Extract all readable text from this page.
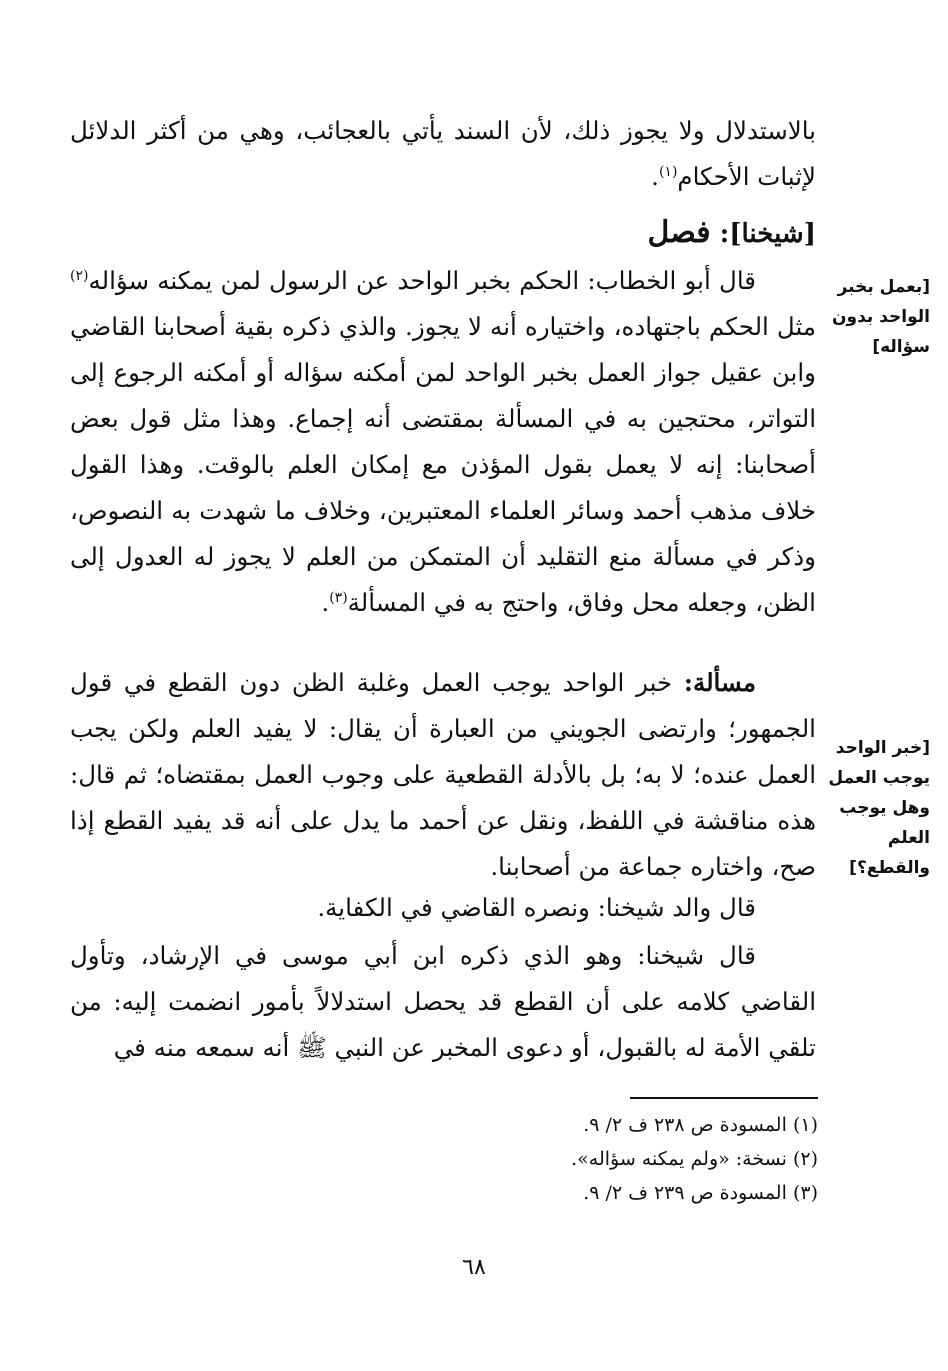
بالاستدلال ولا يجوز ذلك، لأن السند يأتي بالعجائب، وهي من أكثر الدلائل لإثبات الأحكام$^{(١)}$.

[شيخنا]: فصل
[بعمل بخبر الواحد بدون سؤاله]

قال أبو الخطاب: الحكم بخبر الواحد عن الرسول لمن يمكنه سؤاله$^{(٢)}$ مثل الحكم باجتهاده، واختياره أنه لا يجوز. والذي ذكره بقية أصحابنا القاضي وابن عقيل جواز العمل بخبر الواحد لمن أمكنه سؤاله أو أمكنه الرجوع إلى التواتر، محتجين به في المسألة بمقتضى أنه إجماع. وهذا مثل قول بعض أصحابنا: إنه لا يعمل بقول المؤذن مع إمكان العلم بالوقت. وهذا القول خلاف مذهب أحمد وسائر العلماء المعتبرين، وخلاف ما شهدت به النصوص، وذكر في مسألة منع التقليد أن المتمكن من العلم لا يجوز له العدول إلى الظن، وجعله محل وفاق، واحتج به في المسألة$^{(٣)}$.

[خبر الواحد يوجب العمل وهل يوجب العلم والقطع؟]

مسألة: خبر الواحد يوجب العمل وغلبة الظن دون القطع في قول الجمهور؛ وارتضى الجويني من العبارة أن يقال: لا يفيد العلم ولكن يجب العمل عنده؛ لا به؛ بل بالأدلة القطعية على وجوب العمل بمقتضاه؛ ثم قال: هذه مناقشة في اللفظ، ونقل عن أحمد ما يدل على أنه قد يفيد القطع إذا صح، واختاره جماعة من أصحابنا.

قال والد شيخنا: ونصره القاضي في الكفاية.

قال شيخنا: وهو الذي ذكره ابن أبي موسى في الإرشاد، وتأول القاضي كلامه على أن القطع قد يحصل استدلالاً بأمور انضمت إليه: من تلقي الأمة له بالقبول، أو دعوى المخبر عن النبي ﷺ أنه سمعه منه في

(١) المسودة ص ٢٣٨ ف ٢/ ٩.
(٢) نسخة: «ولم يمكنه سؤاله».
(٣) المسودة ص ٢٣٩ ف ٢/ ٩.
٦٨
